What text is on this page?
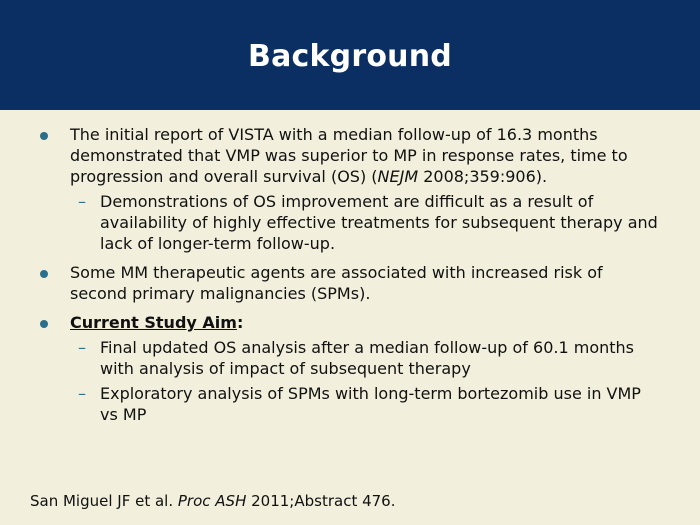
Background
The initial report of VISTA with a median follow-up of 16.3 months demonstrated that VMP was superior to MP in response rates, time to progression and overall survival (OS) (NEJM 2008;359:906).
– Demonstrations of OS improvement are difficult as a result of availability of highly effective treatments for subsequent therapy and lack of longer-term follow-up.
Some MM therapeutic agents are associated with increased risk of second primary malignancies (SPMs).
Current Study Aim:
– Final updated OS analysis after a median follow-up of 60.1 months with analysis of impact of subsequent therapy
– Exploratory analysis of SPMs with long-term bortezomib use in VMP vs MP
San Miguel JF et al. Proc ASH 2011;Abstract 476.
